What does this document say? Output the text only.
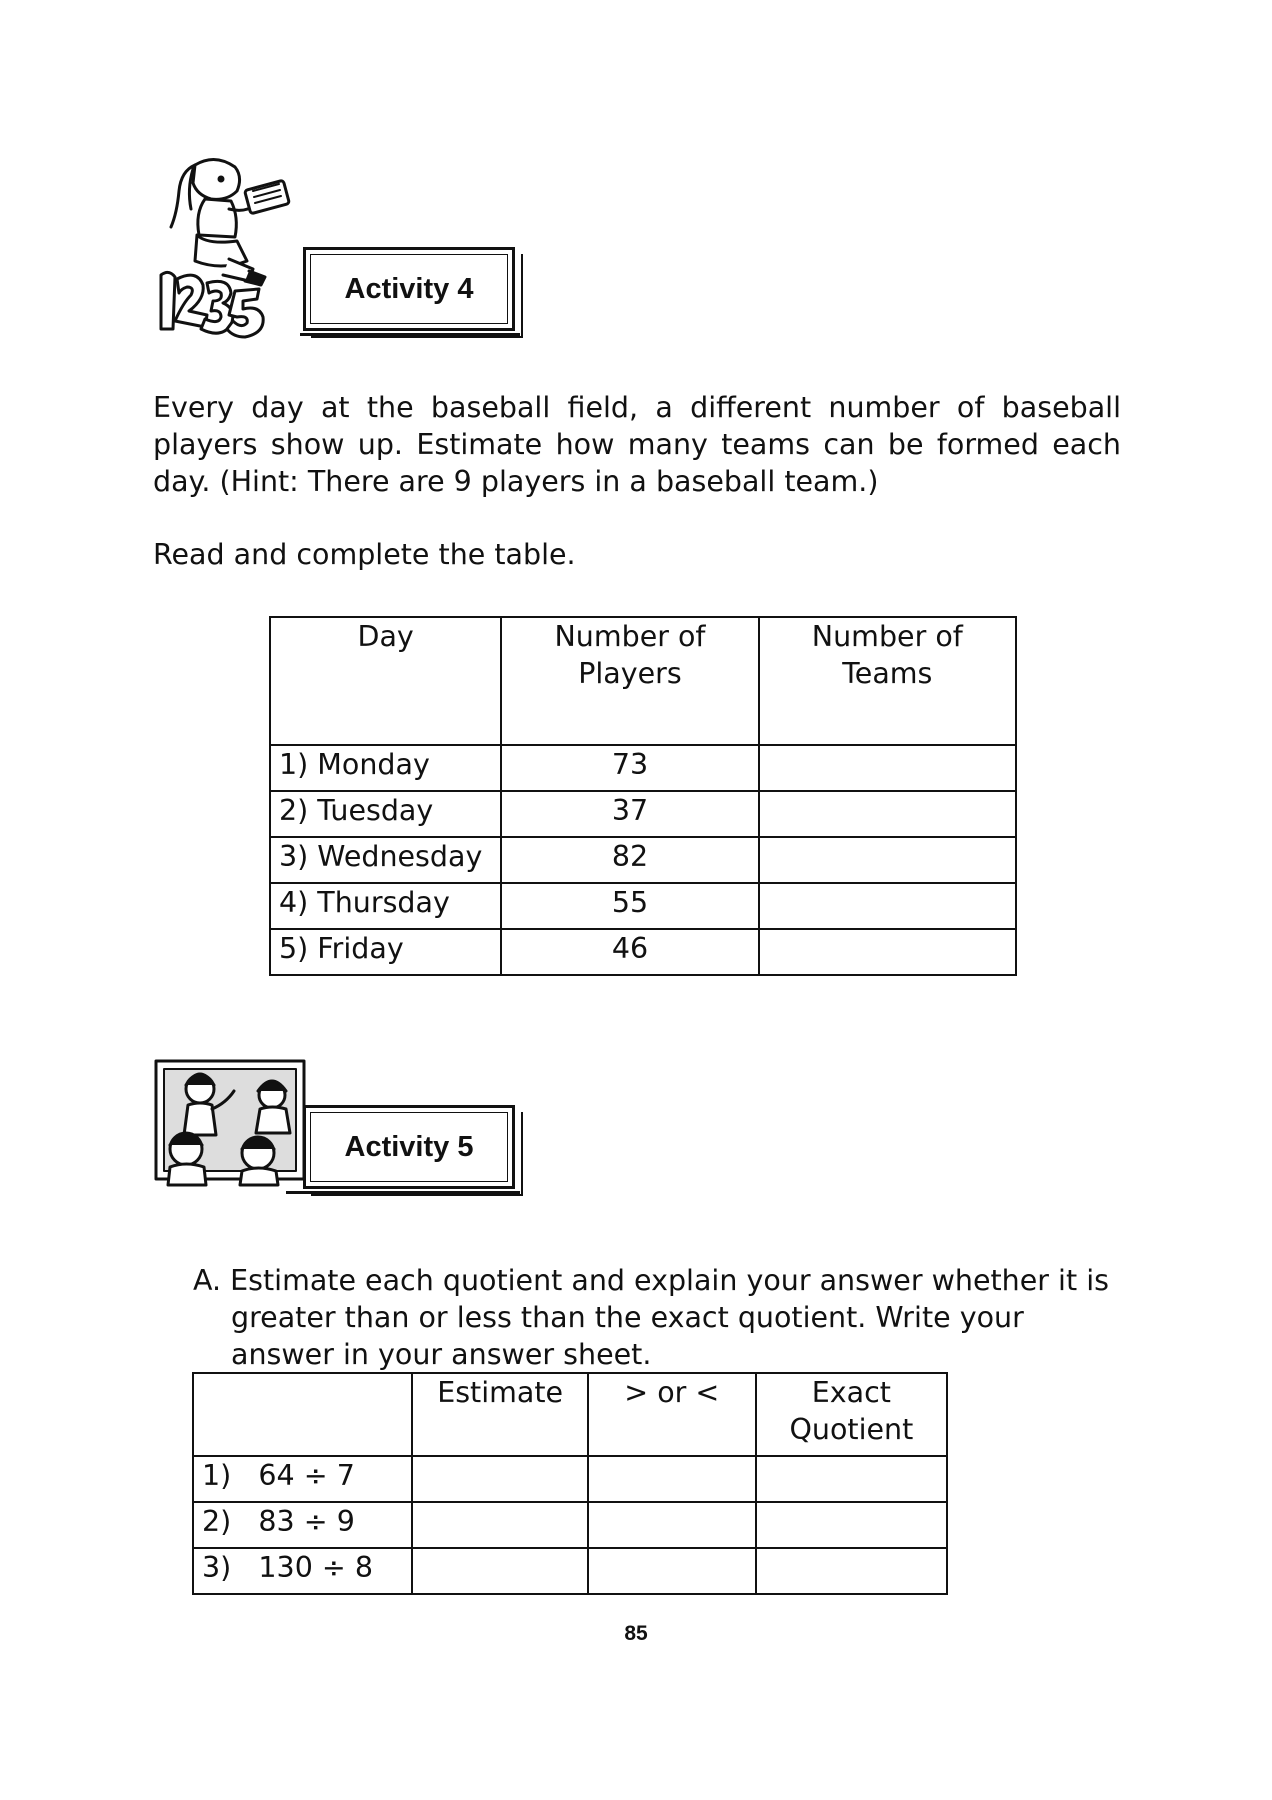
Activity 4
Every day at the baseball field, a different number of baseball players show up. Estimate how many teams can be formed each day. (Hint: There are 9 players in a baseball team.)
Read and complete the table.
Day	Number of Players	Number of Teams
1) Monday	73	
2) Tuesday	37	
3) Wednesday	82	
4) Thursday	55	
5) Friday	46	
Activity 5
A. Estimate each quotient and explain your answer whether it is greater than or less than the exact quotient. Write your answer in your answer sheet.
	Estimate	> or <	Exact Quotient
1)   64 ÷ 7			
2)   83 ÷ 9			
3)   130 ÷ 8			
85
